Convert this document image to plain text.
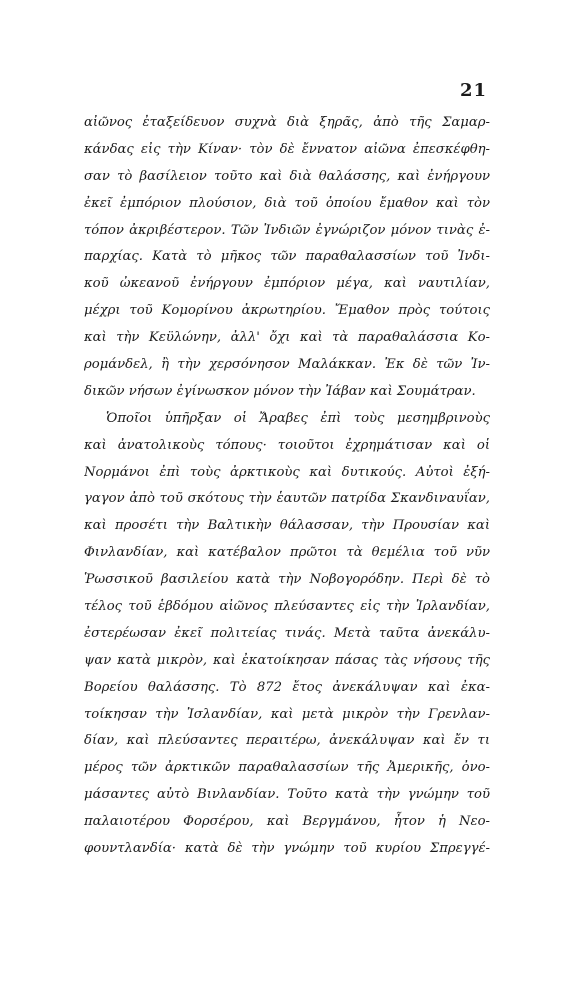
21
αἰῶνος ἐταξείδευον συχνὰ διὰ ξηρᾶς, ἀπὸ τῆς Σαμαρ-
κάνδας εἰς τὴν Κίναν· τὸν δὲ ἔννατον αἰῶνα ἐπεσκέφθη-
σαν τὸ βασίλειον τοῦτο καὶ διὰ θαλάσσης, καὶ ἐνήργουν
ἐκεῖ ἐμπόριον πλούσιον, διὰ τοῦ ὁποίου ἔμαθον καὶ τὸν
τόπον ἀκριβέστερον. Τῶν Ἰνδιῶν ἐγνώριζον μόνον τινὰς ἐ-
παρχίας. Κατὰ τὸ μῆκος τῶν παραθαλασσίων τοῦ Ἰνδι-
κοῦ ὠκεανοῦ ἐνήργουν ἐμπόριον μέγα, καὶ ναυτιλίαν,
μέχρι τοῦ Κομορίνου ἀκρωτηρίου. Ἔμαθον πρὸς τούτοις
καὶ τὴν Κεϋλώνην, ἀλλ' ὄχι καὶ τὰ παραθαλάσσια Κο-
ρομάνδελ, ἢ τὴν χερσόνησον Μαλάκκαν. Ἐκ δὲ τῶν Ἰν-
δικῶν νήσων ἐγίνωσκον μόνον τὴν Ἰάβαν καὶ Σουμάτραν.
Ὁποῖοι ὑπῆρξαν οἱ Ἄραβες ἐπὶ τοὺς μεσημβρινοὺς
καὶ ἀνατολικοὺς τόπους· τοιοῦτοι ἐχρημάτισαν καὶ οἱ
Νορμάνοι ἐπὶ τοὺς ἀρκτικοὺς καὶ δυτικούς. Αὐτοὶ ἐξή-
γαγον ἀπὸ τοῦ σκότους τὴν ἑαυτῶν πατρίδα Σκανδιναυΐαν,
καὶ προσέτι τὴν Βαλτικὴν θάλασσαν, τὴν Προυσίαν καὶ
Φινλανδίαν, καὶ κατέβαλον πρῶτοι τὰ θεμέλια τοῦ νῦν
Ῥωσσικοῦ βασιλείου κατὰ τὴν Νοβογορόδην. Περὶ δὲ τὸ
τέλος τοῦ ἑβδόμου αἰῶνος πλεύσαντες εἰς τὴν Ἰρλανδίαν,
ἐστερέωσαν ἐκεῖ πολιτείας τινάς. Μετὰ ταῦτα ἀνεκάλυ-
ψαν κατὰ μικρὸν, καὶ ἐκατοίκησαν πάσας τὰς νήσους τῆς
Βορείου θαλάσσης. Τὸ 872 ἔτος ἀνεκάλυψαν καὶ ἐκα-
τοίκησαν τὴν Ἰσλανδίαν, καὶ μετὰ μικρὸν τὴν Γρενλαν-
δίαν, καὶ πλεύσαντες περαιτέρω, ἀνεκάλυψαν καὶ ἔν τι
μέρος τῶν ἀρκτικῶν παραθαλασσίων τῆς Ἀμερικῆς, ὀνο-
μάσαντες αὐτὸ Βινλανδίαν. Τοῦτο κατὰ τὴν γνώμην τοῦ
παλαιοτέρου Φορσέρου, καὶ Βεργμάνου, ἦτον ἡ Νεο-
φουντλανδία· κατὰ δὲ τὴν γνώμην τοῦ κυρίου Σπρεγγέ-
